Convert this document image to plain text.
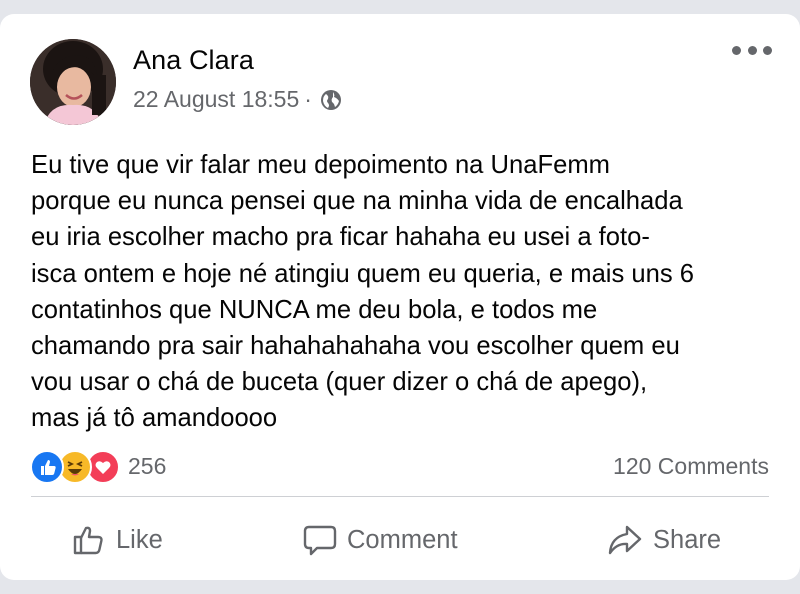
Ana Clara
22 August 18:55 ·
Eu tive que vir falar meu depoimento na UnaFemm
porque eu nunca pensei que na minha vida de encalhada
eu iria escolher macho pra ficar hahaha eu usei a foto-
isca ontem e hoje né atingiu quem eu queria, e mais uns 6
contatinhos que NUNCA me deu bola, e todos me
chamando pra sair hahahahahaha vou escolher quem eu
vou usar o chá de buceta (quer dizer o chá de apego),
mas já tô amandoooo
256	120 Comments
Like	Comment	Share
